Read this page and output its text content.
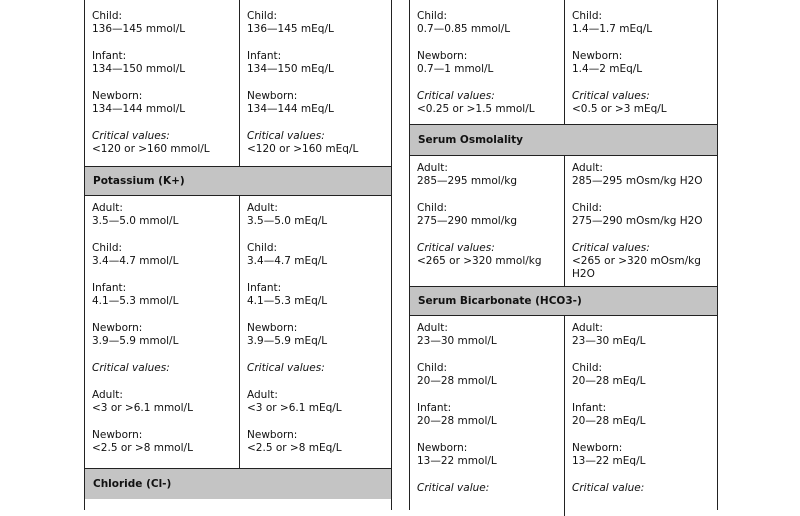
Child:
136—145 mmol/L
Infant:
134—150 mmol/L
Newborn:
134—144 mmol/L
Critical values:
<120 or >160 mmol/L
Child:
136—145 mEq/L
Infant:
134—150 mEq/L
Newborn:
134—144 mEq/L
Critical values:
<120 or >160 mEq/L
Potassium (K+)
Adult:
3.5—5.0 mmol/L
Child:
3.4—4.7 mmol/L
Infant:
4.1—5.3 mmol/L
Newborn:
3.9—5.9 mmol/L
Critical values:
Adult:
<3 or >6.1 mmol/L
Newborn:
<2.5 or >8 mmol/L
Adult:
3.5—5.0 mEq/L
Child:
3.4—4.7 mEq/L
Infant:
4.1—5.3 mEq/L
Newborn:
3.9—5.9 mEq/L
Critical values:
Adult:
<3 or >6.1 mEq/L
Newborn:
<2.5 or >8 mEq/L
Chloride (Cl-)
Child:
0.7—0.85 mmol/L
Newborn:
0.7—1 mmol/L
Critical values:
<0.25 or >1.5 mmol/L
Child:
1.4—1.7 mEq/L
Newborn:
1.4—2 mEq/L
Critical values:
<0.5 or >3 mEq/L
Serum Osmolality
Adult:
285—295 mmol/kg
Child:
275—290 mmol/kg
Critical values:
<265 or >320 mmol/kg
Adult:
285—295 mOsm/kg H2O
Child:
275—290 mOsm/kg H2O
Critical values:
<265 or >320 mOsm/kg H2O
Serum Bicarbonate (HCO3-)
Adult:
23—30 mmol/L
Child:
20—28 mmol/L
Infant:
20—28 mmol/L
Newborn:
13—22 mmol/L
Critical value:
Adult:
23—30 mEq/L
Child:
20—28 mEq/L
Infant:
20—28 mEq/L
Newborn:
13—22 mEq/L
Critical value:
